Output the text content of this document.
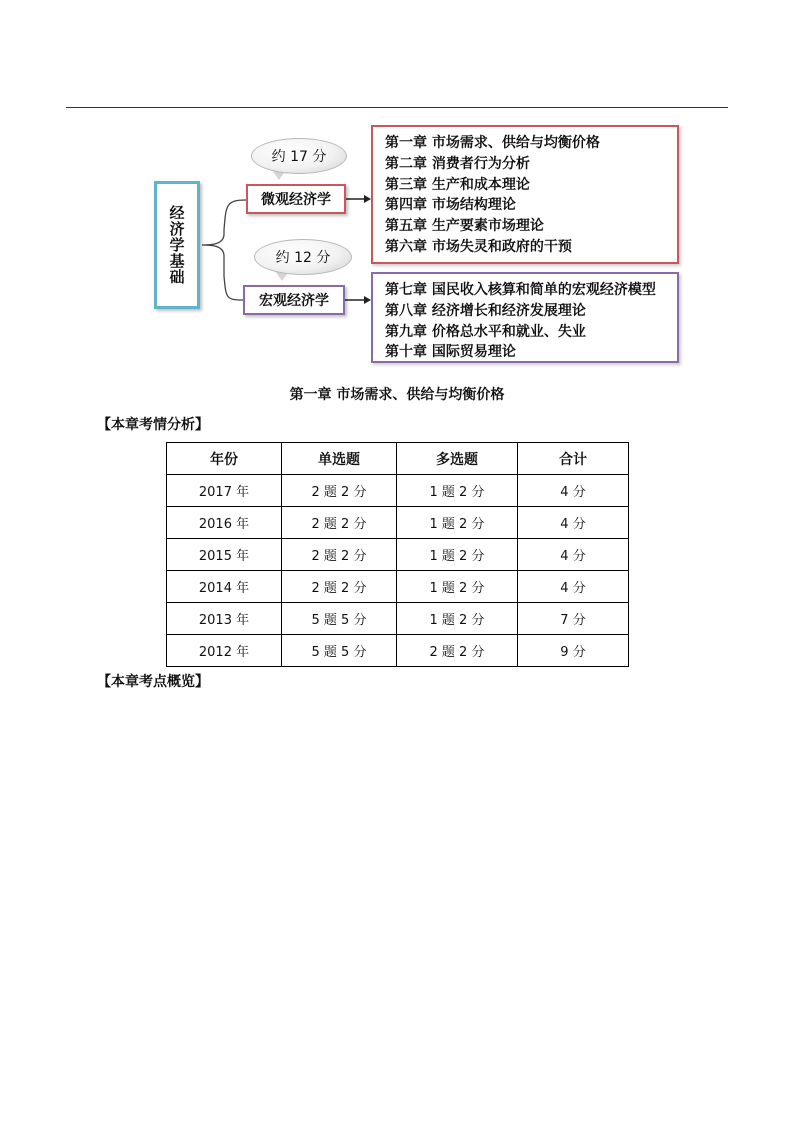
经济学基础
约 17 分
微观经济学
约 12 分
宏观经济学
第一章 市场需求、供给与均衡价格
第二章 消费者行为分析
第三章 生产和成本理论
第四章 市场结构理论
第五章 生产要素市场理论
第六章 市场失灵和政府的干预
第七章 国民收入核算和简单的宏观经济模型
第八章 经济增长和经济发展理论
第九章 价格总水平和就业、失业
第十章 国际贸易理论
第一章 市场需求、供给与均衡价格
【本章考情分析】
年份	单选题	多选题	合计
2017 年	2 题 2 分	1 题 2 分	4 分
2016 年	2 题 2 分	1 题 2 分	4 分
2015 年	2 题 2 分	1 题 2 分	4 分
2014 年	2 题 2 分	1 题 2 分	4 分
2013 年	5 题 5 分	1 题 2 分	7 分
2012 年	5 题 5 分	2 题 2 分	9 分
【本章考点概览】
